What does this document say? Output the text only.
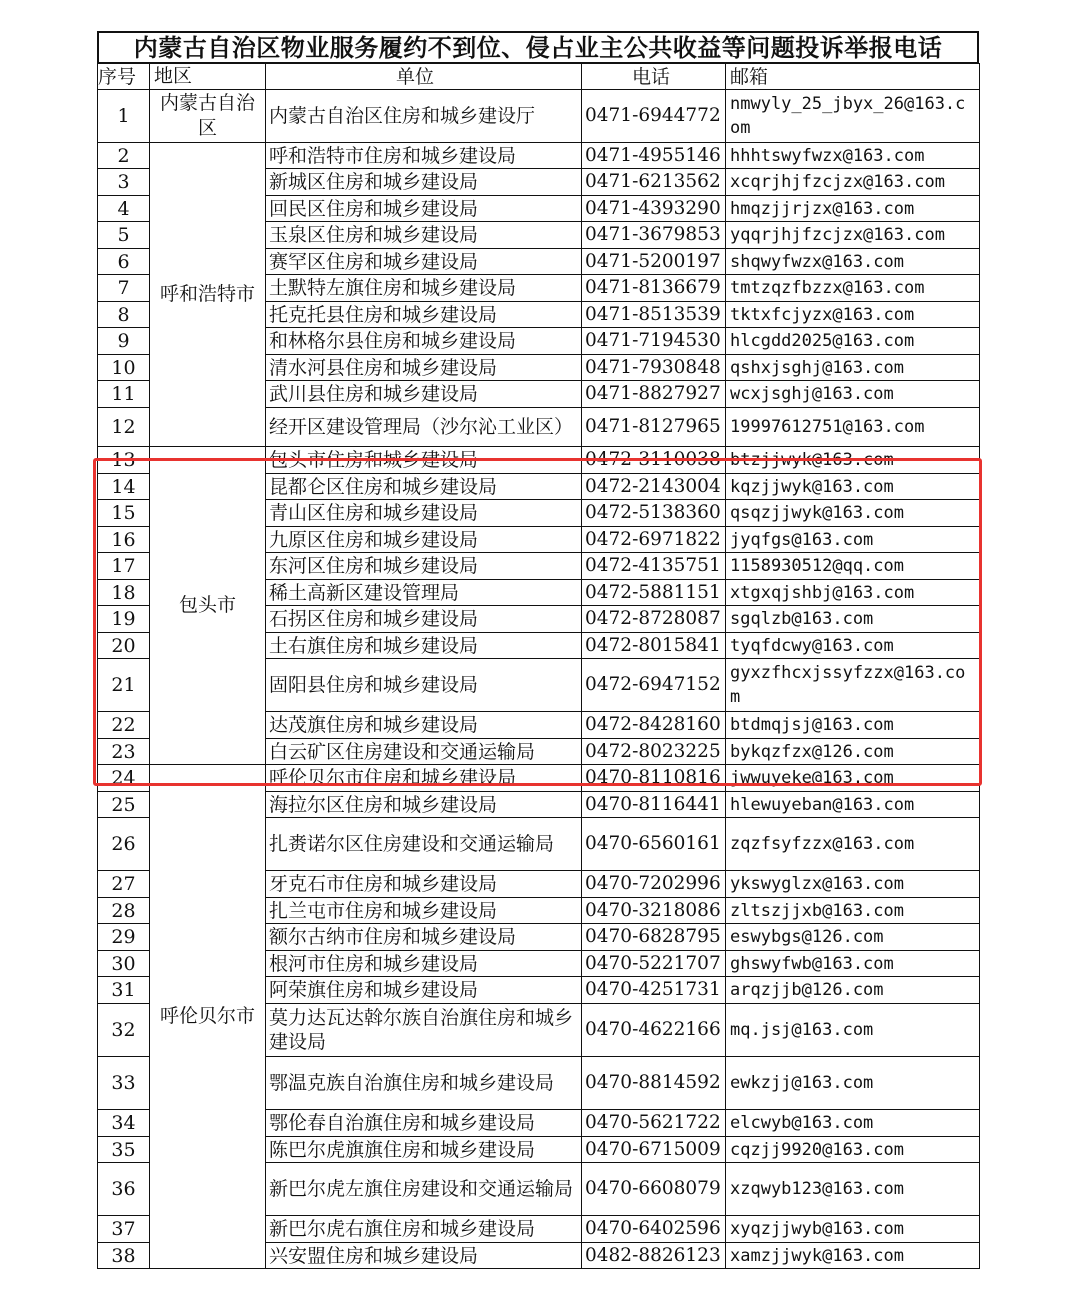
内蒙古自治区物业服务履约不到位、侵占业主公共收益等问题投诉举报电话
序号	地区	单位	电话	邮箱
1	内蒙古自治区	内蒙古自治区住房和城乡建设厅	0471-6944772	nmwyly_25_jbyx_26@163.com
2	呼和浩特市	呼和浩特市住房和城乡建设局	0471-4955146	hhhtswyfwzx@163.com
3		新城区住房和城乡建设局	0471-6213562	xcqrjhjfzcjzx@163.com
4		回民区住房和城乡建设局	0471-4393290	hmqzjjrjzx@163.com
5		玉泉区住房和城乡建设局	0471-3679853	yqqrjhjfzcjzx@163.com
6		赛罕区住房和城乡建设局	0471-5200197	shqwyfwzx@163.com
7		土默特左旗住房和城乡建设局	0471-8136679	tmtzqzfbzzx@163.com
8		托克托县住房和城乡建设局	0471-8513539	tktxfcjyzx@163.com
9		和林格尔县住房和城乡建设局	0471-7194530	hlcgdd2025@163.com
10		清水河县住房和城乡建设局	0471-7930848	qshxjsghj@163.com
11		武川县住房和城乡建设局	0471-8827927	wcxjsghj@163.com
12		经开区建设管理局（沙尔沁工业区）	0471-8127965	19997612751@163.com
13	包头市	包头市住房和城乡建设局	0472-3110038	btzjjwyk@163.com
14		昆都仑区住房和城乡建设局	0472-2143004	kqzjjwyk@163.com
15		青山区住房和城乡建设局	0472-5138360	qsqzjjwyk@163.com
16		九原区住房和城乡建设局	0472-6971822	jyqfgs@163.com
17		东河区住房和城乡建设局	0472-4135751	1158930512@qq.com
18		稀土高新区建设管理局	0472-5881151	xtgxqjshbj@163.com
19		石拐区住房和城乡建设局	0472-8728087	sgqlzb@163.com
20		土右旗住房和城乡建设局	0472-8015841	tyqfdcwy@163.com
21		固阳县住房和城乡建设局	0472-6947152	gyxzfhcxjssyfzzx@163.com
22		达茂旗住房和城乡建设局	0472-8428160	btdmqjsj@163.com
23		白云矿区住房建设和交通运输局	0472-8023225	bykqzfzx@126.com
24	呼伦贝尔市	呼伦贝尔市住房和城乡建设局	0470-8110816	jwwuyeke@163.com
25		海拉尔区住房和城乡建设局	0470-8116441	hlewuyeban@163.com
26		扎赉诺尔区住房建设和交通运输局	0470-6560161	zqzfsyfzzx@163.com
27		牙克石市住房和城乡建设局	0470-7202996	ykswyglzx@163.com
28		扎兰屯市住房和城乡建设局	0470-3218086	zltszjjxb@163.com
29		额尔古纳市住房和城乡建设局	0470-6828795	eswybgs@126.com
30		根河市住房和城乡建设局	0470-5221707	ghswyfwb@163.com
31		阿荣旗住房和城乡建设局	0470-4251731	arqzjjb@126.com
32		莫力达瓦达斡尔族自治旗住房和城乡建设局	0470-4622166	mq.jsj@163.com
33		鄂温克族自治旗住房和城乡建设局	0470-8814592	ewkzjj@163.com
34		鄂伦春自治旗住房和城乡建设局	0470-5621722	elcwyb@163.com
35		陈巴尔虎旗旗住房和城乡建设局	0470-6715009	cqzjj9920@163.com
36		新巴尔虎左旗住房建设和交通运输局	0470-6608079	xzqwyb123@163.com
37		新巴尔虎右旗住房和城乡建设局	0470-6402596	xyqzjjwyb@163.com
38		兴安盟住房和城乡建设局	0482-8826123	xamzjjwyk@163.com
